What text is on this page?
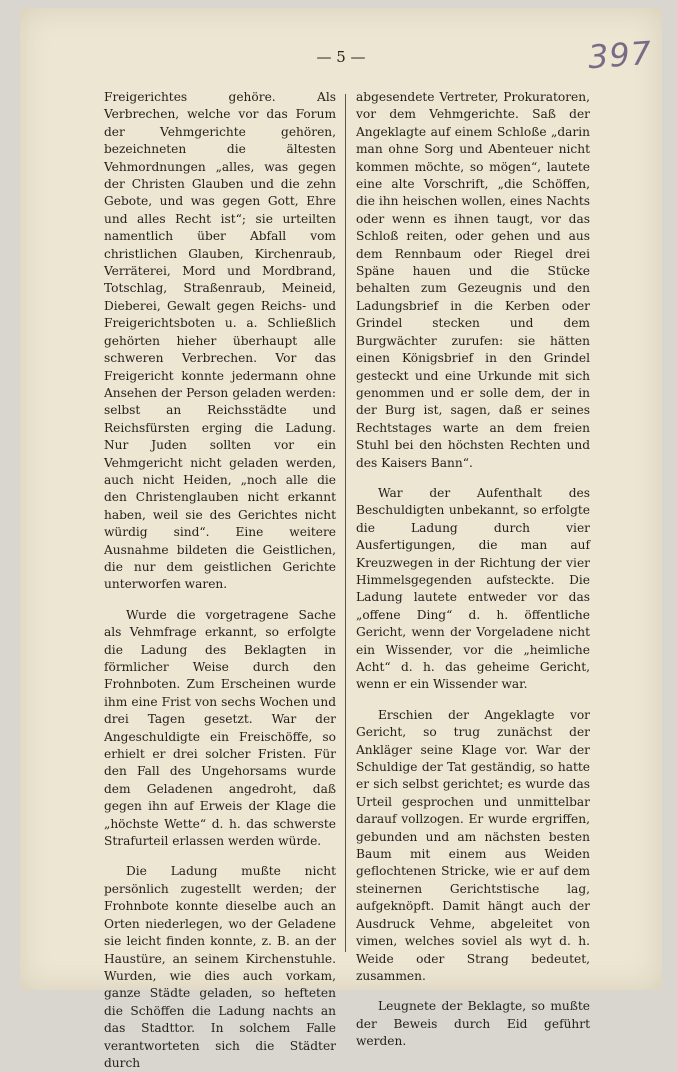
— 5 —	397

Freigerichtes gehöre. Als Verbrechen, welche vor das Forum der Vehmgerichte gehören, bezeichneten die ältesten Vehmordnungen „alles, was gegen der Christen Glauben und die zehn Gebote, und was gegen Gott, Ehre und alles Recht ist“; sie urteilten namentlich über Abfall vom christlichen Glauben, Kirchenraub, Verräterei, Mord und Mordbrand, Totschlag, Straßenraub, Meineid, Dieberei, Gewalt gegen Reichs- und Freigerichtsboten u. a. Schließlich gehörten hieher überhaupt alle schweren Verbrechen. Vor das Freigericht konnte jedermann ohne Ansehen der Person geladen werden: selbst an Reichsstädte und Reichsfürsten erging die Ladung. Nur Juden sollten vor ein Vehmgericht nicht geladen werden, auch nicht Heiden, „noch alle die den Christenglauben nicht erkannt haben, weil sie des Gerichtes nicht würdig sind“. Eine weitere Ausnahme bildeten die Geistlichen, die nur dem geistlichen Gerichte unterworfen waren.

Wurde die vorgetragene Sache als Vehmfrage erkannt, so erfolgte die Ladung des Beklagten in förmlicher Weise durch den Frohnboten. Zum Erscheinen wurde ihm eine Frist von sechs Wochen und drei Tagen gesetzt. War der Angeschuldigte ein Freischöffe, so erhielt er drei solcher Fristen. Für den Fall des Ungehorsams wurde dem Geladenen angedroht, daß gegen ihn auf Erweis der Klage die „höchste Wette“ d. h. das schwerste Strafurteil erlassen werden würde.

Die Ladung mußte nicht persönlich zugestellt werden; der Frohnbote konnte dieselbe auch an Orten niederlegen, wo der Geladene sie leicht finden konnte, z. B. an der Haustüre, an seinem Kirchenstuhle. Wurden, wie dies auch vorkam, ganze Städte geladen, so hefteten die Schöffen die Ladung nachts an das Stadttor. In solchem Falle verantworteten sich die Städter durch

abgesendete Vertreter, Prokuratoren, vor dem Vehmgerichte. Saß der Angeklagte auf einem Schloße „darin man ohne Sorg und Abenteuer nicht kommen möchte, so mögen“, lautete eine alte Vorschrift, „die Schöffen, die ihn heischen wollen, eines Nachts oder wenn es ihnen taugt, vor das Schloß reiten, oder gehen und aus dem Rennbaum oder Riegel drei Späne hauen und die Stücke behalten zum Gezeugnis und den Ladungsbrief in die Kerben oder Grindel stecken und dem Burgwächter zurufen: sie hätten einen Königsbrief in den Grindel gesteckt und eine Urkunde mit sich genommen und er solle dem, der in der Burg ist, sagen, daß er seines Rechtstages warte an dem freien Stuhl bei den höchsten Rechten und des Kaisers Bann“.

War der Aufenthalt des Beschuldigten unbekannt, so erfolgte die Ladung durch vier Ausfertigungen, die man auf Kreuzwegen in der Richtung der vier Himmelsgegenden aufsteckte. Die Ladung lautete entweder vor das „offene Ding“ d. h. öffentliche Gericht, wenn der Vorgeladene nicht ein Wissender, vor die „heimliche Acht“ d. h. das geheime Gericht, wenn er ein Wissender war.

Erschien der Angeklagte vor Gericht, so trug zunächst der Ankläger seine Klage vor. War der Schuldige der Tat geständig, so hatte er sich selbst gerichtet; es wurde das Urteil gesprochen und unmittelbar darauf vollzogen. Er wurde ergriffen, gebunden und am nächsten besten Baum mit einem aus Weiden geflochtenen Stricke, wie er auf dem steinernen Gerichtstische lag, aufgeknöpft. Damit hängt auch der Ausdruck Vehme, abgeleitet von vimen, welches soviel als wyt d. h. Weide oder Strang bedeutet, zusammen.

Leugnete der Beklagte, so mußte der Beweis durch Eid geführt werden.
